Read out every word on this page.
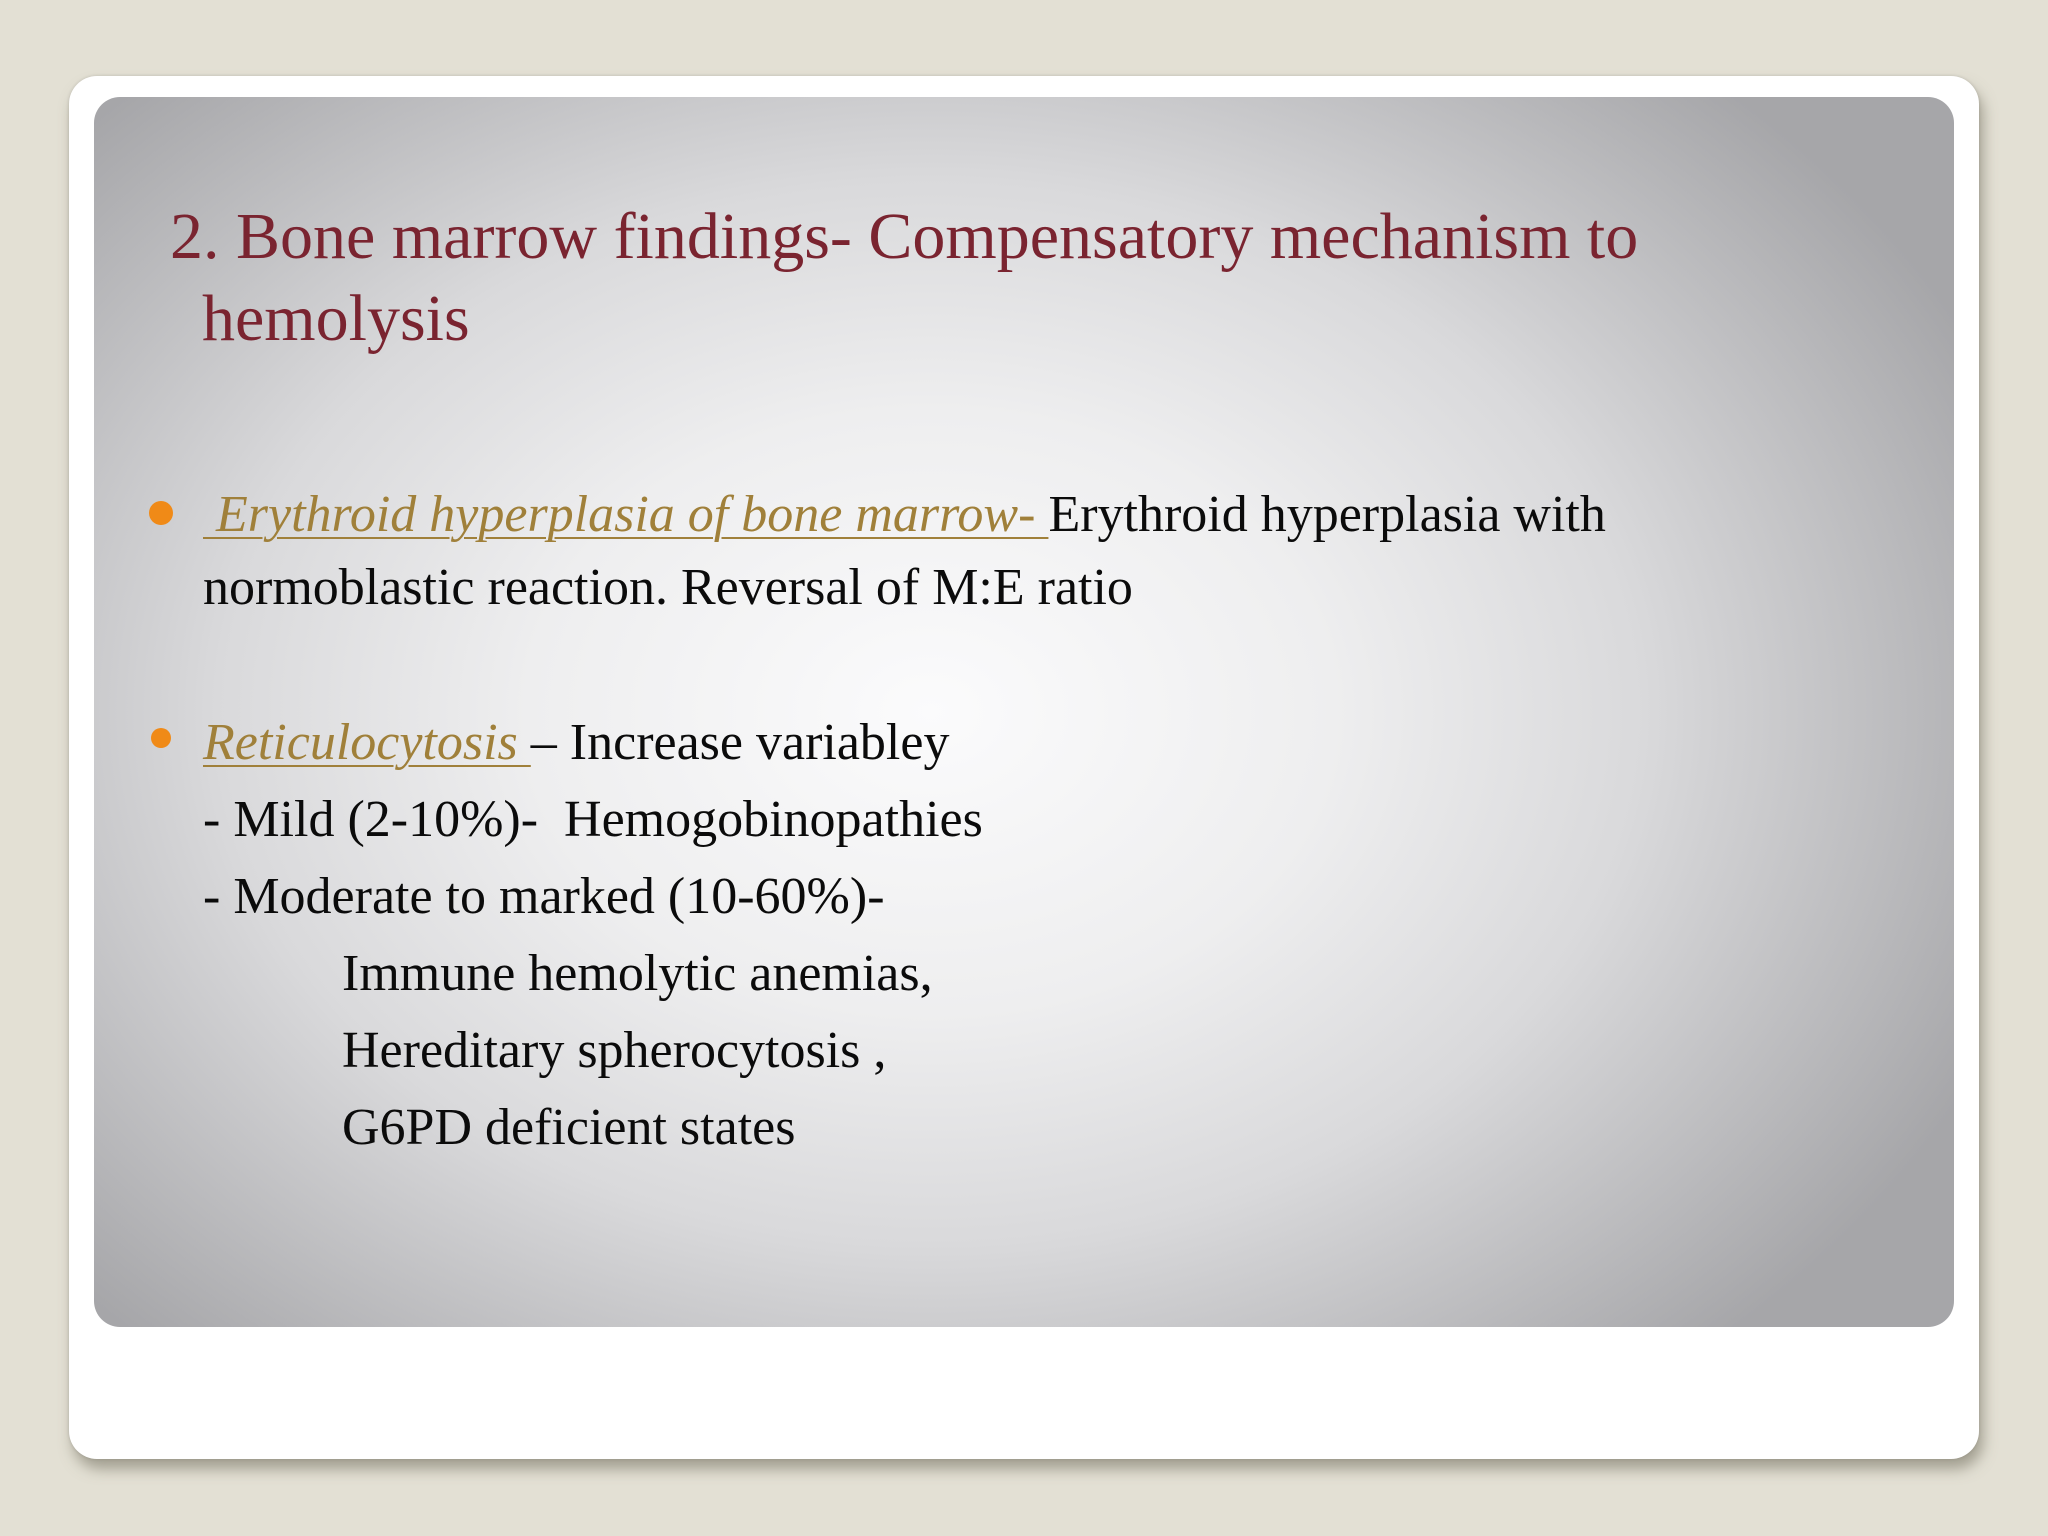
2. Bone marrow findings- Compensatory mechanism to
hemolysis
Erythroid hyperplasia of bone marrow- Erythroid hyperplasia with
normoblastic reaction. Reversal of M:E ratio
Reticulocytosis – Increase variabley
- Mild (2-10%)-  Hemogobinopathies
- Moderate to marked (10-60%)-
Immune hemolytic anemias,
Hereditary spherocytosis ,
G6PD deficient states
